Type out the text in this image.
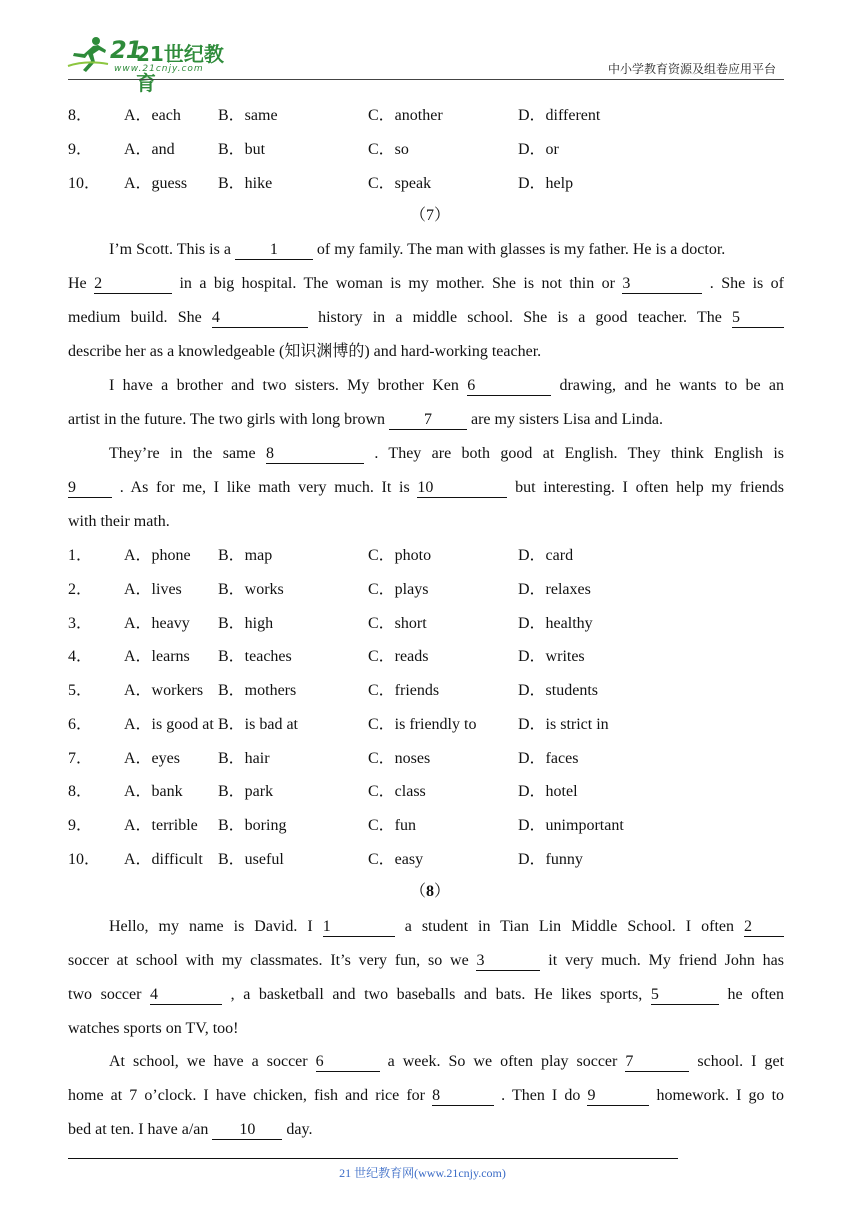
21
21世纪教育
www.21cnjy.com	中小学教育资源及组卷应用平台
8． A．each B．same	C．another	D．different
9． A．and	B．but	C．so	D．or
10． A．guess B．hike	C．speak	D．help
（7）
I’m Scott. This is a 1 of my family. The man with glasses is my father. He is a doctor.
He 2	in a big hospital. The woman is my mother. She is not thin or 3	. She is of
medium build. She 4	history in a middle school. She is a good teacher. The 5
describe her as a knowledgeable (知识渊博的) and hard-working teacher.
I have a brother and two sisters. My brother Ken 6	drawing, and he wants to be an
artist in the future. The two girls with long brown 7 are my sisters Lisa and Linda.
They’re in the same 8	. They are both good at English. They think English is
9	. As for me, I like math very much. It is 10	but interesting. I often help my friends
with their math.
1． A．phone B．map	C．photo	D．card
2． A．lives B．works	C．plays	D．relaxes
3． A．heavy B．high	C．short	D．healthy
4． A．learns B．teaches	C．reads	D．writes
5． A．workers B．mothers	C．friends	D．students
6． A．is good at B．is bad at	C．is friendly to	D．is strict in
7． A．eyes B．hair	C．noses	D．faces
8． A．bank B．park	C．class	D．hotel
9． A．terrible B．boring	C．fun	D．unimportant
10． A．difficult B．useful	C．easy	D．funny
（8）
Hello, my name is David. I 1	a student in Tian Lin Middle School. I often 2
soccer at school with my classmates. It’s very fun, so we 3	it very much. My friend John has
two soccer 4	, a basketball and two baseballs and bats. He likes sports, 5	he often
watches sports on TV, too!
At school, we have a soccer 6	a week. So we often play soccer 7	school. I get
home at 7 o’clock. I have chicken, fish and rice for 8	. Then I do 9	homework. I go to
bed at ten. I have a/an 10 day.
21 世纪教育网(www.21cnjy.com)
